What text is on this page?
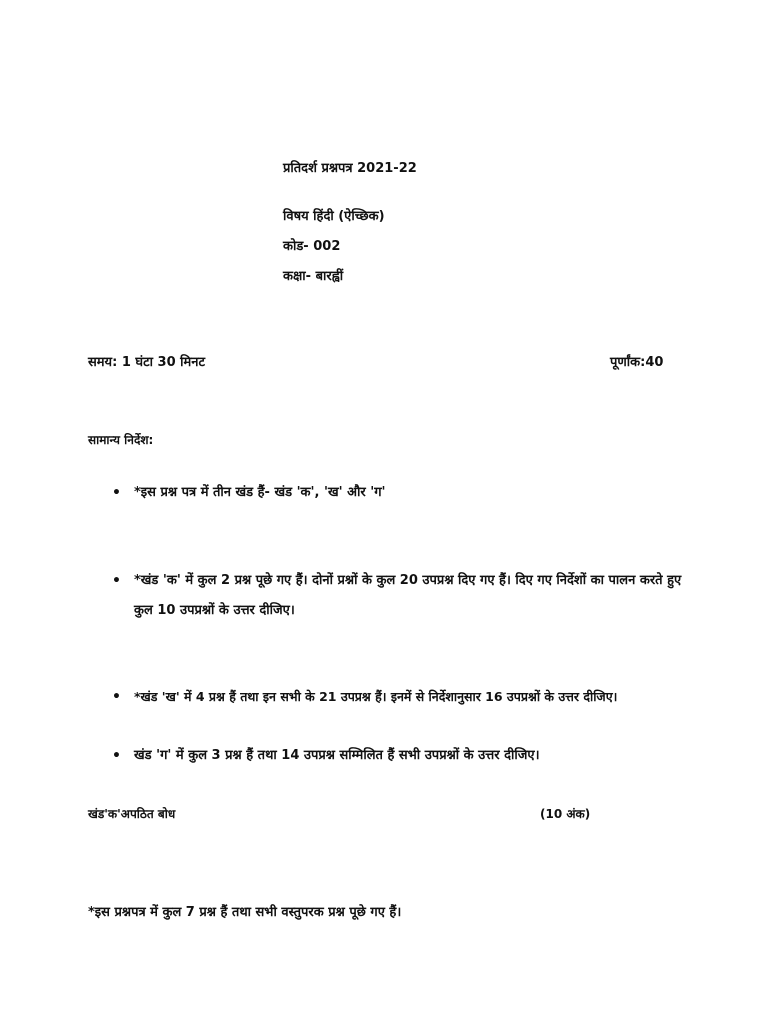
प्रतिदर्श प्रश्नपत्र 2021-22
विषय हिंदी (ऐच्छिक)
कोड- 002
कक्षा- बारह्वीं
समय: 1 घंटा 30 मिनट	पूर्णांक:40
सामान्य निर्देश:
• *इस प्रश्न पत्र में तीन खंड हैं- खंड 'क', 'ख' और 'ग'
• *खंड 'क' में कुल 2 प्रश्न पूछे गए हैं। दोनों प्रश्नों के कुल 20 उपप्रश्न दिए गए हैं। दिए गए निर्देशों का पालन करते हुए कुल 10 उपप्रश्नों के उत्तर दीजिए।
• *खंड 'ख' में 4 प्रश्न हैं तथा इन सभी के 21 उपप्रश्न हैं। इनमें से निर्देशानुसार 16 उपप्रश्नों के उत्तर दीजिए।
• खंड 'ग' में कुल 3 प्रश्न हैं तथा 14 उपप्रश्न सम्मिलित हैं सभी उपप्रश्नों के उत्तर दीजिए।
खंड'क'अपठित बोध	(10 अंक)
*इस प्रश्नपत्र में कुल 7 प्रश्न हैं तथा सभी वस्तुपरक प्रश्न पूछे गए हैं।
